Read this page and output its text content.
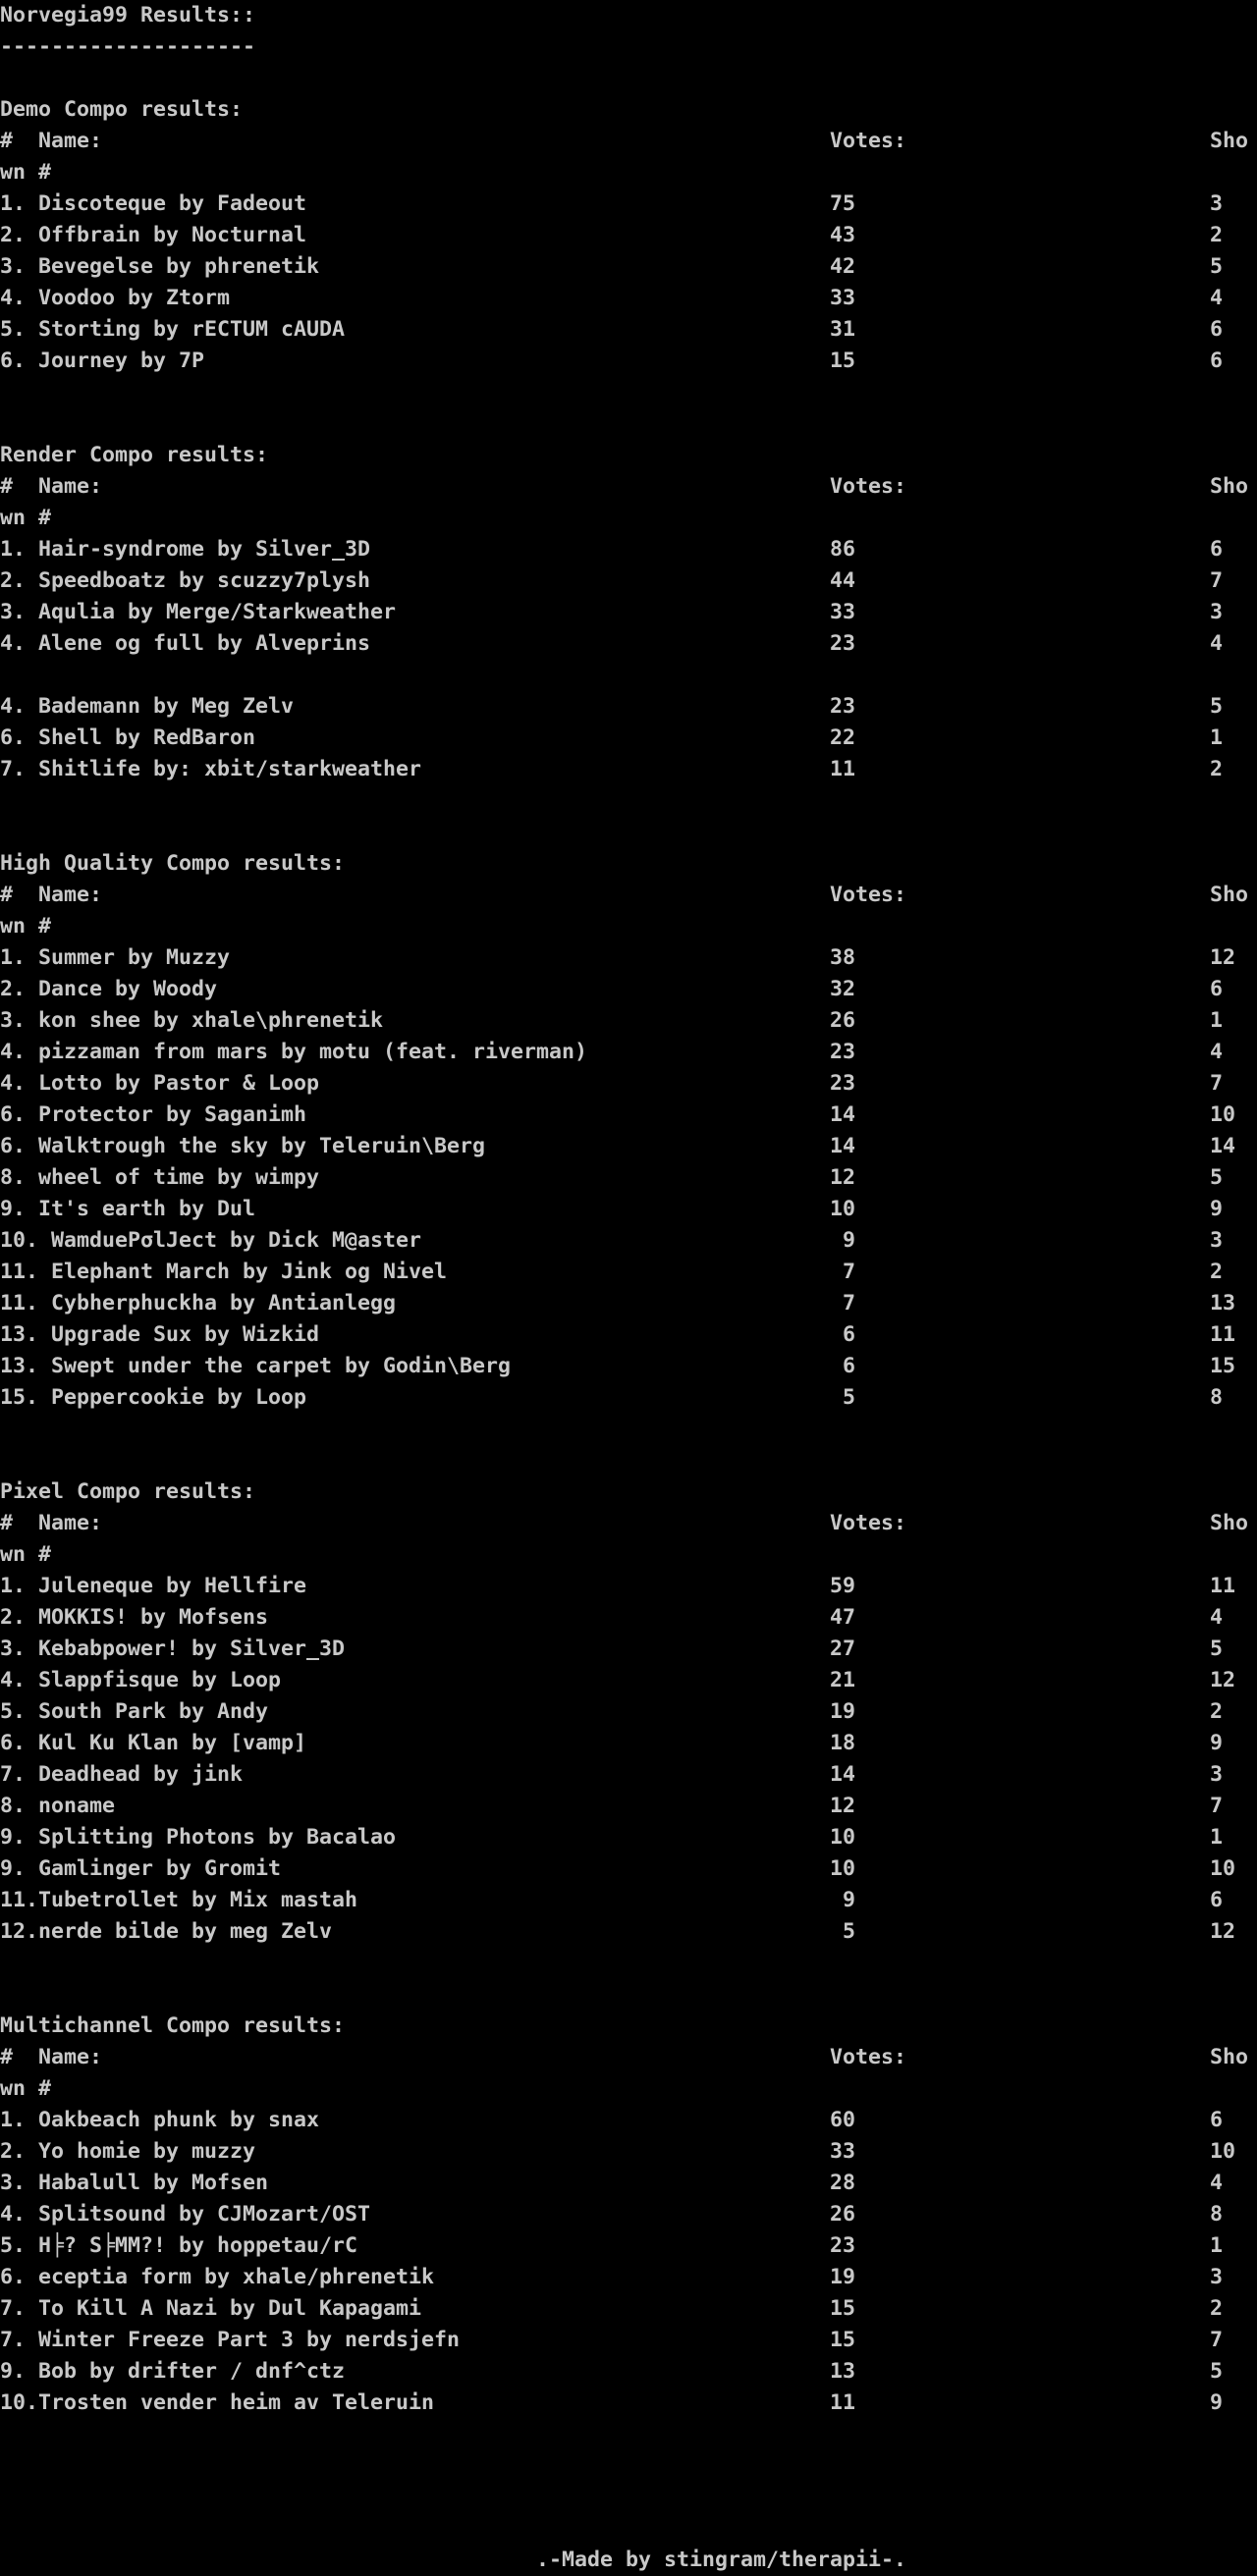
Norvegia99 Results::
--------------------
Demo Compo results:
#  Name:	Votes:	Sho
wn #
1. Discoteque by Fadeout	75	3
2. Offbrain by Nocturnal	43	2
3. Bevegelse by phrenetik	42	5
4. Voodoo by Ztorm	33	4
5. Storting by rECTUM cAUDA	31	6
6. Journey by 7P	15	6
Render Compo results:
#  Name:	Votes:	Sho
wn #
1. Hair-syndrome by Silver_3D	86	6
2. Speedboatz by scuzzy7plysh	44	7
3. Aqulia by Merge/Starkweather	33	3
4. Alene og full by Alveprins	23	4
4. Bademann by Meg Zelv	23	5
6. Shell by RedBaron	22	1
7. Shitlife by: xbit/starkweather	11	2
High Quality Compo results:
#  Name:	Votes:	Sho
wn #
1. Summer by Muzzy	38	12
2. Dance by Woody	32	6
3. kon shee by xhale\phrenetik	26	1
4. pizzaman from mars by motu (feat. riverman)	23	4
4. Lotto by Pastor & Loop	23	7
6. Protector by Saganimh	14	10
6. Walktrough the sky by Teleruin\Berg	14	14
8. wheel of time by wimpy	12	5
9. It's earth by Dul	10	9
10. WamduePσlJect by Dick M@aster	9	3
11. Elephant March by Jink og Nivel	7	2
11. Cybherphuckha by Antianlegg	7	13
13. Upgrade Sux by Wizkid	6	11
13. Swept under the carpet by Godin\Berg	6	15
15. Peppercookie by Loop	5	8
Pixel Compo results:
#  Name:	Votes:	Sho
wn #
1. Juleneque by Hellfire	59	11
2. MOKKIS! by Mofsens	47	4
3. Kebabpower! by Silver_3D	27	5
4. Slappfisque by Loop	21	12
5. South Park by Andy	19	2
6. Kul Ku Klan by [vamp]	18	9
7. Deadhead by jink	14	3
8. noname	12	7
9. Splitting Photons by Bacalao	10	1
9. Gamlinger by Gromit	10	10
11.Tubetrollet by Mix mastah	9	6
12.nerde bilde by meg Zelv	5	12
Multichannel Compo results:
#  Name:	Votes:	Sho
wn #
1. Oakbeach phunk by snax	60	6
2. Yo homie by muzzy	33	10
3. Habalull by Mofsen	28	4
4. Splitsound by CJMozart/OST	26	8
5. H╞? S╞MM?! by hoppetau/rC	23	1
6. eceptia form by xhale/phrenetik	19	3
7. To Kill A Nazi by Dul Kapagami	15	2
7. Winter Freeze Part 3 by nerdsjefn	15	7
9. Bob by drifter / dnf^ctz	13	5
10.Trosten vender heim av Teleruin	11	9
.-Made by stingram/therapii-.
